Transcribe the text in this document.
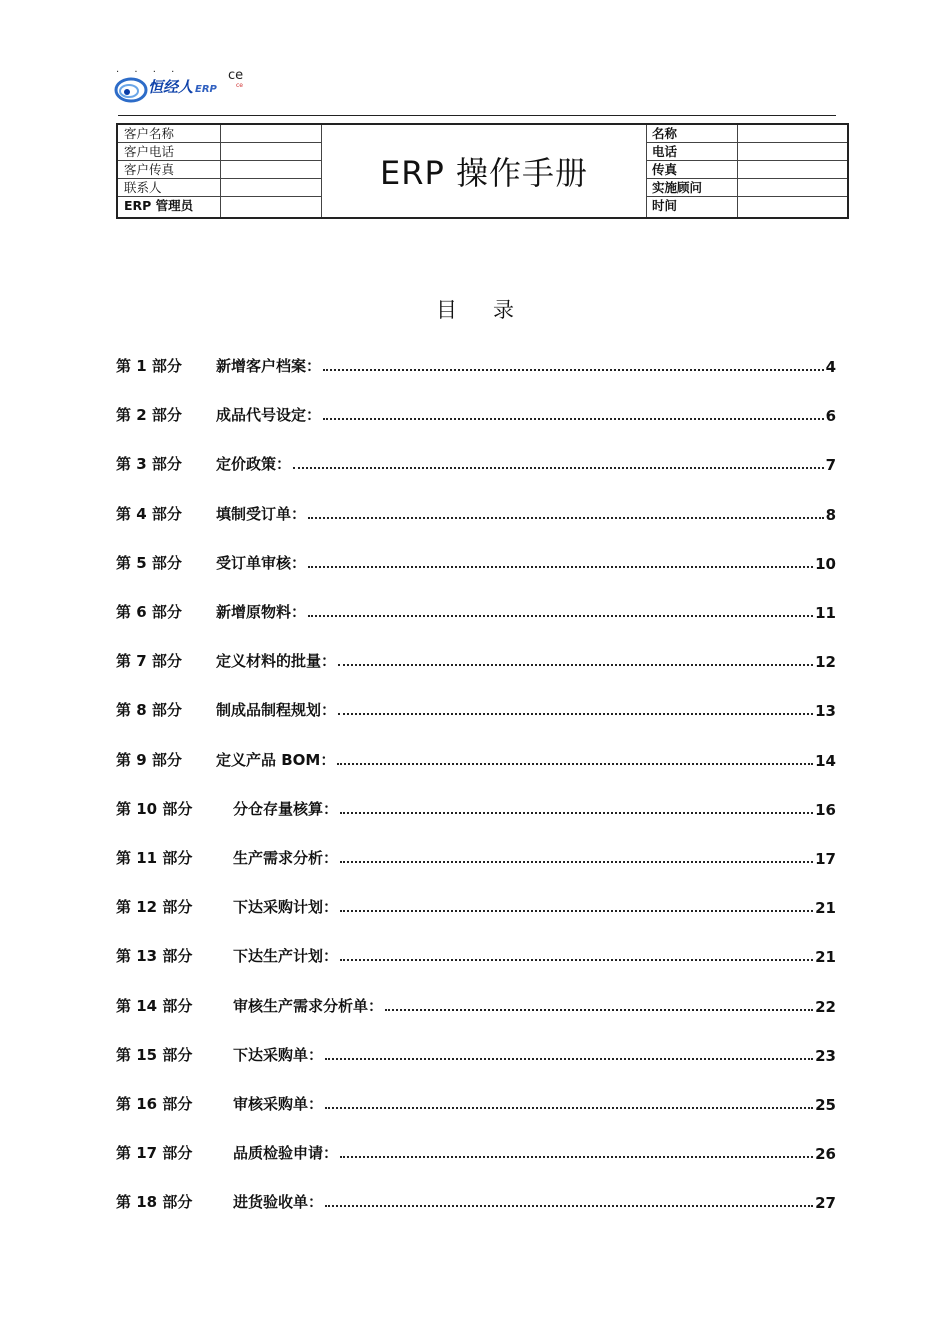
· · · ·
恒经人 ERP
ce
ce
客户名称
客户电话
客户传真
联系人
ERP 管理员
ERP 操作手册
名称
电话
传真
实施顾问
时间
目录
第 1 部分	新增客户档案：	4
第 2 部分	成品代号设定：	6
第 3 部分	定价政策：	7
第 4 部分	填制受订单：	8
第 5 部分	受订单审核：	10
第 6 部分	新增原物料：	11
第 7 部分	定义材料的批量：	12
第 8 部分	制成品制程规划：	13
第 9 部分	定义产品 BOM：	14
第 10 部分	分仓存量核算：	16
第 11 部分	生产需求分析：	17
第 12 部分	下达采购计划：	21
第 13 部分	下达生产计划：	21
第 14 部分	审核生产需求分析单：	22
第 15 部分	下达采购单：	23
第 16 部分	审核采购单：	25
第 17 部分	品质检验申请：	26
第 18 部分	进货验收单：	27
